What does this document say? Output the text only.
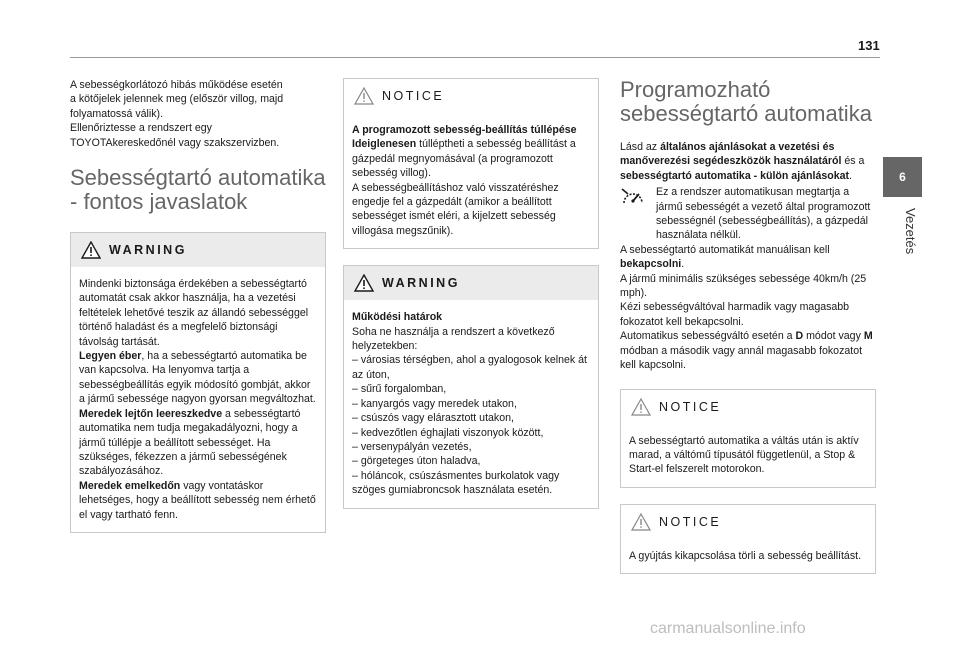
131
6
Vezetés
A sebességkorlátozó hibás működése esetén
a kötőjelek jelennek meg (először villog, majd
folyamatossá válik).
Ellenőriztesse a rendszert egy
TOYOTAkereskedőnél vagy szakszervizben.
Sebességtartó automatika - fontos javaslatok
WARNING
Mindenki biztonsága érdekében a sebességtartó automatát csak akkor használja, ha a vezetési feltételek lehetővé teszik az állandó sebességgel történő haladást és a megfelelő biztonsági távolság tartását.
Legyen éber, ha a sebességtartó automatika be van kapcsolva. Ha lenyomva tartja a sebességbeállítás egyik módosító gombját, akkor a jármű sebessége nagyon gyorsan megváltozhat.
Meredek lejtőn leereszkedve a sebességtartó automatika nem tudja megakadályozni, hogy a jármű túllépje a beállított sebességet. Ha szükséges, fékezzen a jármű sebességének szabályozásához.
Meredek emelkedőn vagy vontatáskor lehetséges, hogy a beállított sebesség nem érhető el vagy tartható fenn.
NOTICE
A programozott sebesség-beállítás túllépése
Ideiglenesen túlléptheti a sebesség beállítást a gázpedál megnyomásával (a programozott sebesség villog).
A sebességbeállításhoz való visszatéréshez engedje fel a gázpedált (amikor a beállított sebességet ismét eléri, a kijelzett sebesség villogása megszűnik).
WARNING
Működési határok
Soha ne használja a rendszert a következő helyzetekben:
– városias térségben, ahol a gyalogosok kelnek át az úton,
– sűrű forgalomban,
– kanyargós vagy meredek utakon,
– csúszós vagy elárasztott utakon,
– kedvezőtlen éghajlati viszonyok között,
– versenypályán vezetés,
– görgeteges úton haladva,
– hóláncok, csúszásmentes burkolatok vagy szöges gumiabroncsok használata esetén.
Programozható sebességtartó automatika
Lásd az általános ajánlásokat a vezetési és manőverezési segédeszközök használatáról és a sebességtartó automatika - külön ajánlásokat.
Ez a rendszer automatikusan megtartja a jármű sebességét a vezető által programozott sebességnél (sebességbeállítás), a gázpedál használata nélkül.
A sebességtartó automatikát manuálisan kell bekapcsolni.
A jármű minimális szükséges sebessége 40km/h (25 mph).
Kézi sebességváltóval harmadik vagy magasabb fokozatot kell bekapcsolni.
Automatikus sebességváltó esetén a D módot vagy M módban a második vagy annál magasabb fokozatot kell kapcsolni.
NOTICE
A sebességtartó automatika a váltás után is aktív marad, a váltómű típusától függetlenül, a Stop & Start-el felszerelt motorokon.
NOTICE
A gyújtás kikapcsolása törli a sebesség beállítást.
carmanualsonline.info
